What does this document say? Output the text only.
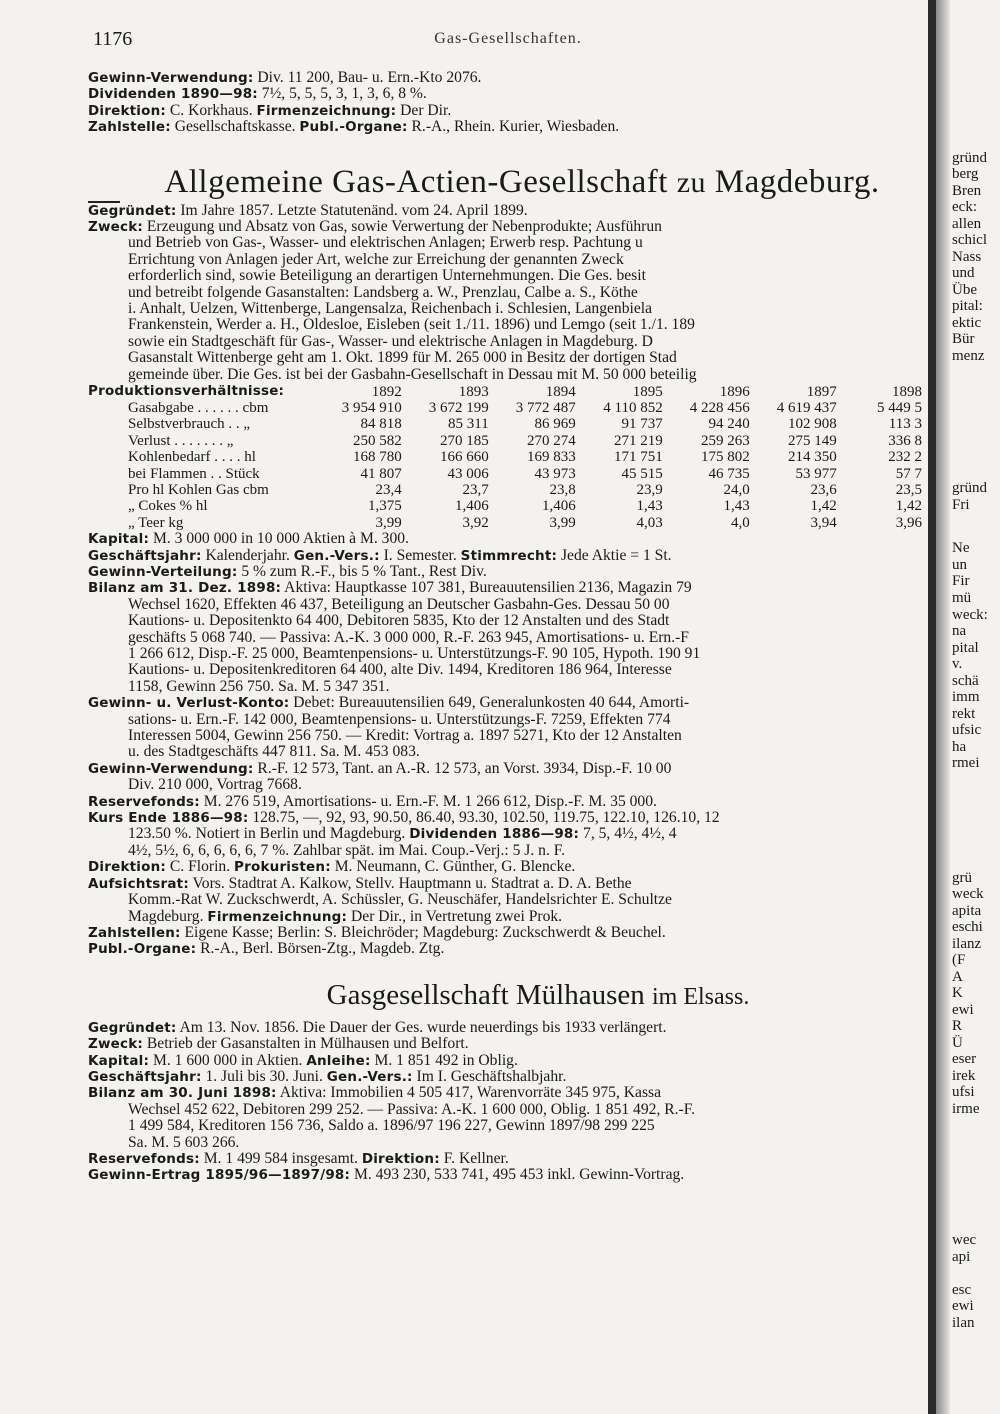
1176	Gas-Gesellschaften.
Gewinn-Verwendung: Div. 11 200, Bau- u. Ern.-Kto 2076.
Dividenden 1890—98: 7½, 5, 5, 5, 3, 1, 3, 6, 8 %.
Direktion: C. Korkhaus. Firmenzeichnung: Der Dir.
Zahlstelle: Gesellschaftskasse. Publ.-Organe: R.-A., Rhein. Kurier, Wiesbaden.
Allgemeine Gas-Actien-Gesellschaft zu Magdeburg.
Gegründet: Im Jahre 1857. Letzte Statutenänd. vom 24. April 1899.
Zweck: Erzeugung und Absatz von Gas, sowie Verwertung der Nebenprodukte; Ausführun
und Betrieb von Gas-, Wasser- und elektrischen Anlagen; Erwerb resp. Pachtung u
Errichtung von Anlagen jeder Art, welche zur Erreichung der genannten Zweck
erforderlich sind, sowie Beteiligung an derartigen Unternehmungen. Die Ges. besit
und betreibt folgende Gasanstalten: Landsberg a. W., Prenzlau, Calbe a. S., Köthe
i. Anhalt, Uelzen, Wittenberge, Langensalza, Reichenbach i. Schlesien, Langenbiela
Frankenstein, Werder a. H., Oldesloe, Eisleben (seit 1./11. 1896) und Lemgo (seit 1./1. 189
sowie ein Stadtgeschäft für Gas-, Wasser- und elektrische Anlagen in Magdeburg. D
Gasanstalt Wittenberge geht am 1. Okt. 1899 für M. 265 000 in Besitz der dortigen Stad
gemeinde über. Die Ges. ist bei der Gasbahn-Gesellschaft in Dessau mit M. 50 000 beteilig
Produktionsverhältnisse:
		1892	1893	1894	1895	1896	1897	1898
Gasabgabe . . . . . . cbm	3 954 910	3 672 199	3 772 487	4 110 852	4 228 456	4 619 437	5 449 5
Selbstverbrauch . . „	84 818	85 311	86 969	91 737	94 240	102 908	113 3
Verlust . . . . . . . „	250 582	270 185	270 274	271 219	259 263	275 149	336 8
Kohlenbedarf . . . . hl	168 780	166 660	169 833	171 751	175 802	214 350	232 2
bei Flammen . . Stück	41 807	43 006	43 973	45 515	46 735	53 977	57 7
Pro hl Kohlen Gas cbm	23,4	23,7	23,8	23,9	24,0	23,6	23,5
„ Cokes % hl	1,375	1,406	1,406	1,43	1,43	1,42	1,42
„ Teer kg	3,99	3,92	3,99	4,03	4,0	3,94	3,96
Kapital: M. 3 000 000 in 10 000 Aktien à M. 300.
Geschäftsjahr: Kalenderjahr. Gen.-Vers.: I. Semester. Stimmrecht: Jede Aktie = 1 St.
Gewinn-Verteilung: 5 % zum R.-F., bis 5 % Tant., Rest Div.
Bilanz am 31. Dez. 1898: Aktiva: Hauptkasse 107 381, Bureauutensilien 2136, Magazin 79
Wechsel 1620, Effekten 46 437, Beteiligung an Deutscher Gasbahn-Ges. Dessau 50 00
Kautions- u. Depositenkto 64 400, Debitoren 5835, Kto der 12 Anstalten und des Stadt
geschäfts 5 068 740. — Passiva: A.-K. 3 000 000, R.-F. 263 945, Amortisations- u. Ern.-F
1 266 612, Disp.-F. 25 000, Beamtenpensions- u. Unterstützungs-F. 90 105, Hypoth. 190 91
Kautions- u. Depositenkreditoren 64 400, alte Div. 1494, Kreditoren 186 964, Interesse
1158, Gewinn 256 750. Sa. M. 5 347 351.
Gewinn- u. Verlust-Konto: Debet: Bureauutensilien 649, Generalunkosten 40 644, Amorti-
sations- u. Ern.-F. 142 000, Beamtenpensions- u. Unterstützungs-F. 7259, Effekten 774
Interessen 5004, Gewinn 256 750. — Kredit: Vortrag a. 1897 5271, Kto der 12 Anstalten
u. des Stadtgeschäfts 447 811. Sa. M. 453 083.
Gewinn-Verwendung: R.-F. 12 573, Tant. an A.-R. 12 573, an Vorst. 3934, Disp.-F. 10 00
Div. 210 000, Vortrag 7668.
Reservefonds: M. 276 519, Amortisations- u. Ern.-F. M. 1 266 612, Disp.-F. M. 35 000.
Kurs Ende 1886—98: 128.75, —, 92, 93, 90.50, 86.40, 93.30, 102.50, 119.75, 122.10, 126.10, 12
123.50 %. Notiert in Berlin und Magdeburg. Dividenden 1886—98: 7, 5, 4½, 4½, 4
4½, 5½, 6, 6, 6, 6, 6, 7 %. Zahlbar spät. im Mai. Coup.-Verj.: 5 J. n. F.
Direktion: C. Florin. Prokuristen: M. Neumann, C. Günther, G. Blencke.
Aufsichtsrat: Vors. Stadtrat A. Kalkow, Stellv. Hauptmann u. Stadtrat a. D. A. Bethe
Komm.-Rat W. Zuckschwerdt, A. Schüssler, G. Neuschäfer, Handelsrichter E. Schultze
Magdeburg. Firmenzeichnung: Der Dir., in Vertretung zwei Prok.
Zahlstellen: Eigene Kasse; Berlin: S. Bleichröder; Magdeburg: Zuckschwerdt & Beuchel.
Publ.-Organe: R.-A., Berl. Börsen-Ztg., Magdeb. Ztg.
Gasgesellschaft Mülhausen im Elsass.
Gegründet: Am 13. Nov. 1856. Die Dauer der Ges. wurde neuerdings bis 1933 verlängert.
Zweck: Betrieb der Gasanstalten in Mülhausen und Belfort.
Kapital: M. 1 600 000 in Aktien. Anleihe: M. 1 851 492 in Oblig.
Geschäftsjahr: 1. Juli bis 30. Juni. Gen.-Vers.: Im I. Geschäftshalbjahr.
Bilanz am 30. Juni 1898: Aktiva: Immobilien 4 505 417, Warenvorräte 345 975, Kassa
Wechsel 452 622, Debitoren 299 252. — Passiva: A.-K. 1 600 000, Oblig. 1 851 492, R.-F.
1 499 584, Kreditoren 156 736, Saldo a. 1896/97 196 227, Gewinn 1897/98 299 225
Sa. M. 5 603 266.
Reservefonds: M. 1 499 584 insgesamt. Direktion: F. Kellner.
Gewinn-Ertrag 1895/96—1897/98: M. 493 230, 533 741, 495 453 inkl. Gewinn-Vortrag.
gründ
berg
Bren
eck:
allen
schicl
Nass
und
Übe
pital:
ektic
Bür
menz
gründ
Fri
Ne
un
Fir
mü
weck:
na
pital
v.
schä
imm
rekt
ufsic
ha
rmei
grü
weck
apita
eschi
ilanz
(F
A
K
ewi
R
Ü
eser
irek
ufsi
irme
wec
api
esc
ewi
ilan
